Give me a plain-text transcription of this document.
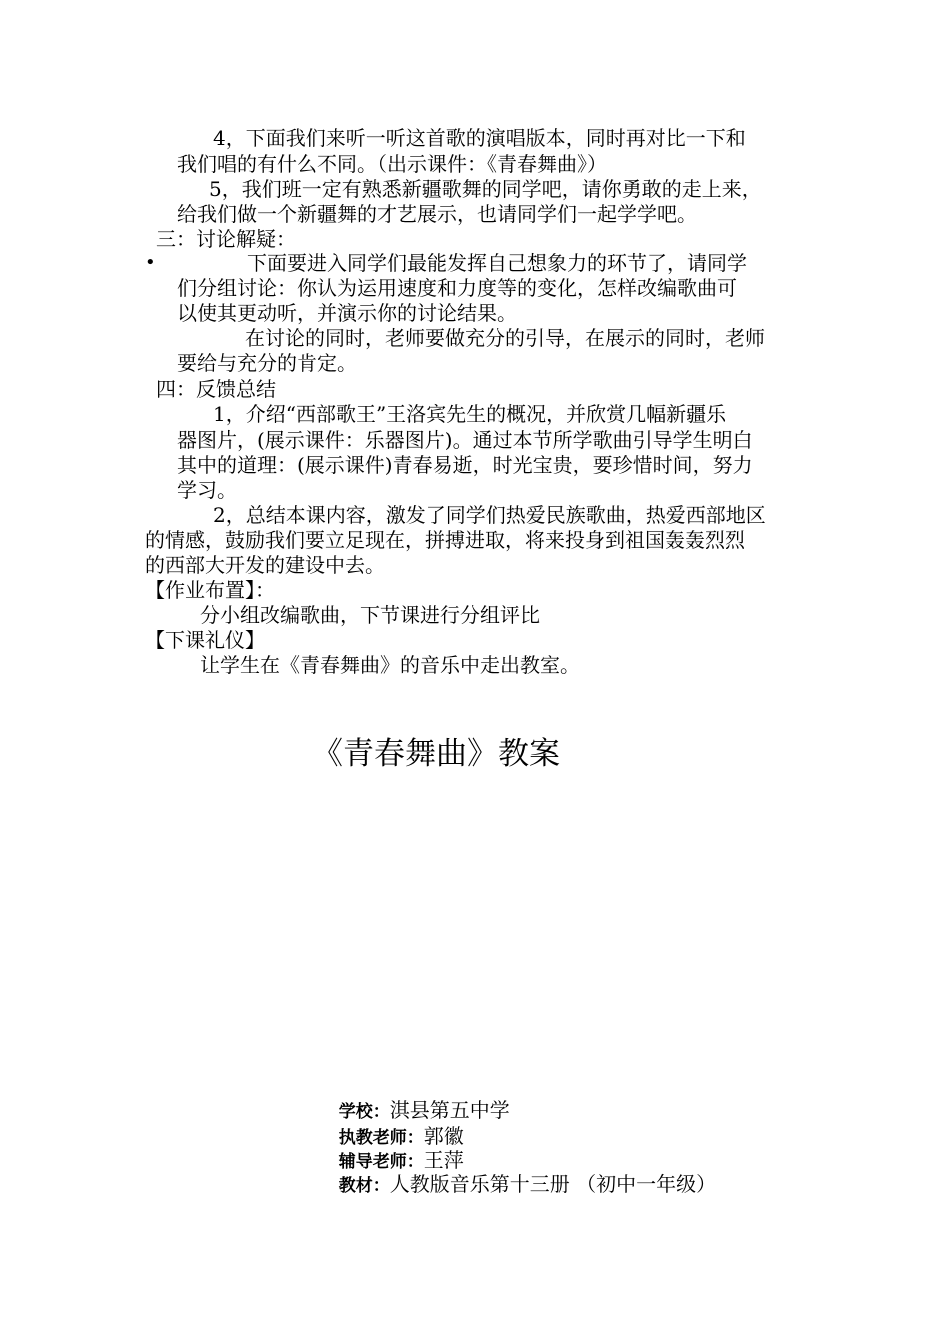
4，下面我们来听一听这首歌的演唱版本，同时再对比一下和
我们唱的有什么不同。（出示课件：《青春舞曲》）
5，我们班一定有熟悉新疆歌舞的同学吧，请你勇敢的走上来，
给我们做一个新疆舞的才艺展示，也请同学们一起学学吧。
三：讨论解疑：
•	下面要进入同学们最能发挥自己想象力的环节了，请同学
们分组讨论：你认为运用速度和力度等的变化，怎样改编歌曲可
以使其更动听，并演示你的讨论结果。
在讨论的同时，老师要做充分的引导，在展示的同时，老师
要给与充分的肯定。
四：反馈总结
1，介绍“西部歌王”王洛宾先生的概况，并欣赏几幅新疆乐
器图片，(展示课件：乐器图片)。通过本节所学歌曲引导学生明白
其中的道理：(展示课件)青春易逝，时光宝贵，要珍惜时间，努力
学习。
2，总结本课内容，激发了同学们热爱民族歌曲，热爱西部地区
的情感，鼓励我们要立足现在，拼搏进取，将来投身到祖国轰轰烈烈
的西部大开发的建设中去。
【作业布置】：
分小组改编歌曲，下节课进行分组评比
【下课礼仪】
让学生在《青春舞曲》的音乐中走出教室。
《青春舞曲》教案

学校：淇县第五中学

执教老师：郭徽

辅导老师：王萍

教材：人教版音乐第十三册 （初中一年级）
